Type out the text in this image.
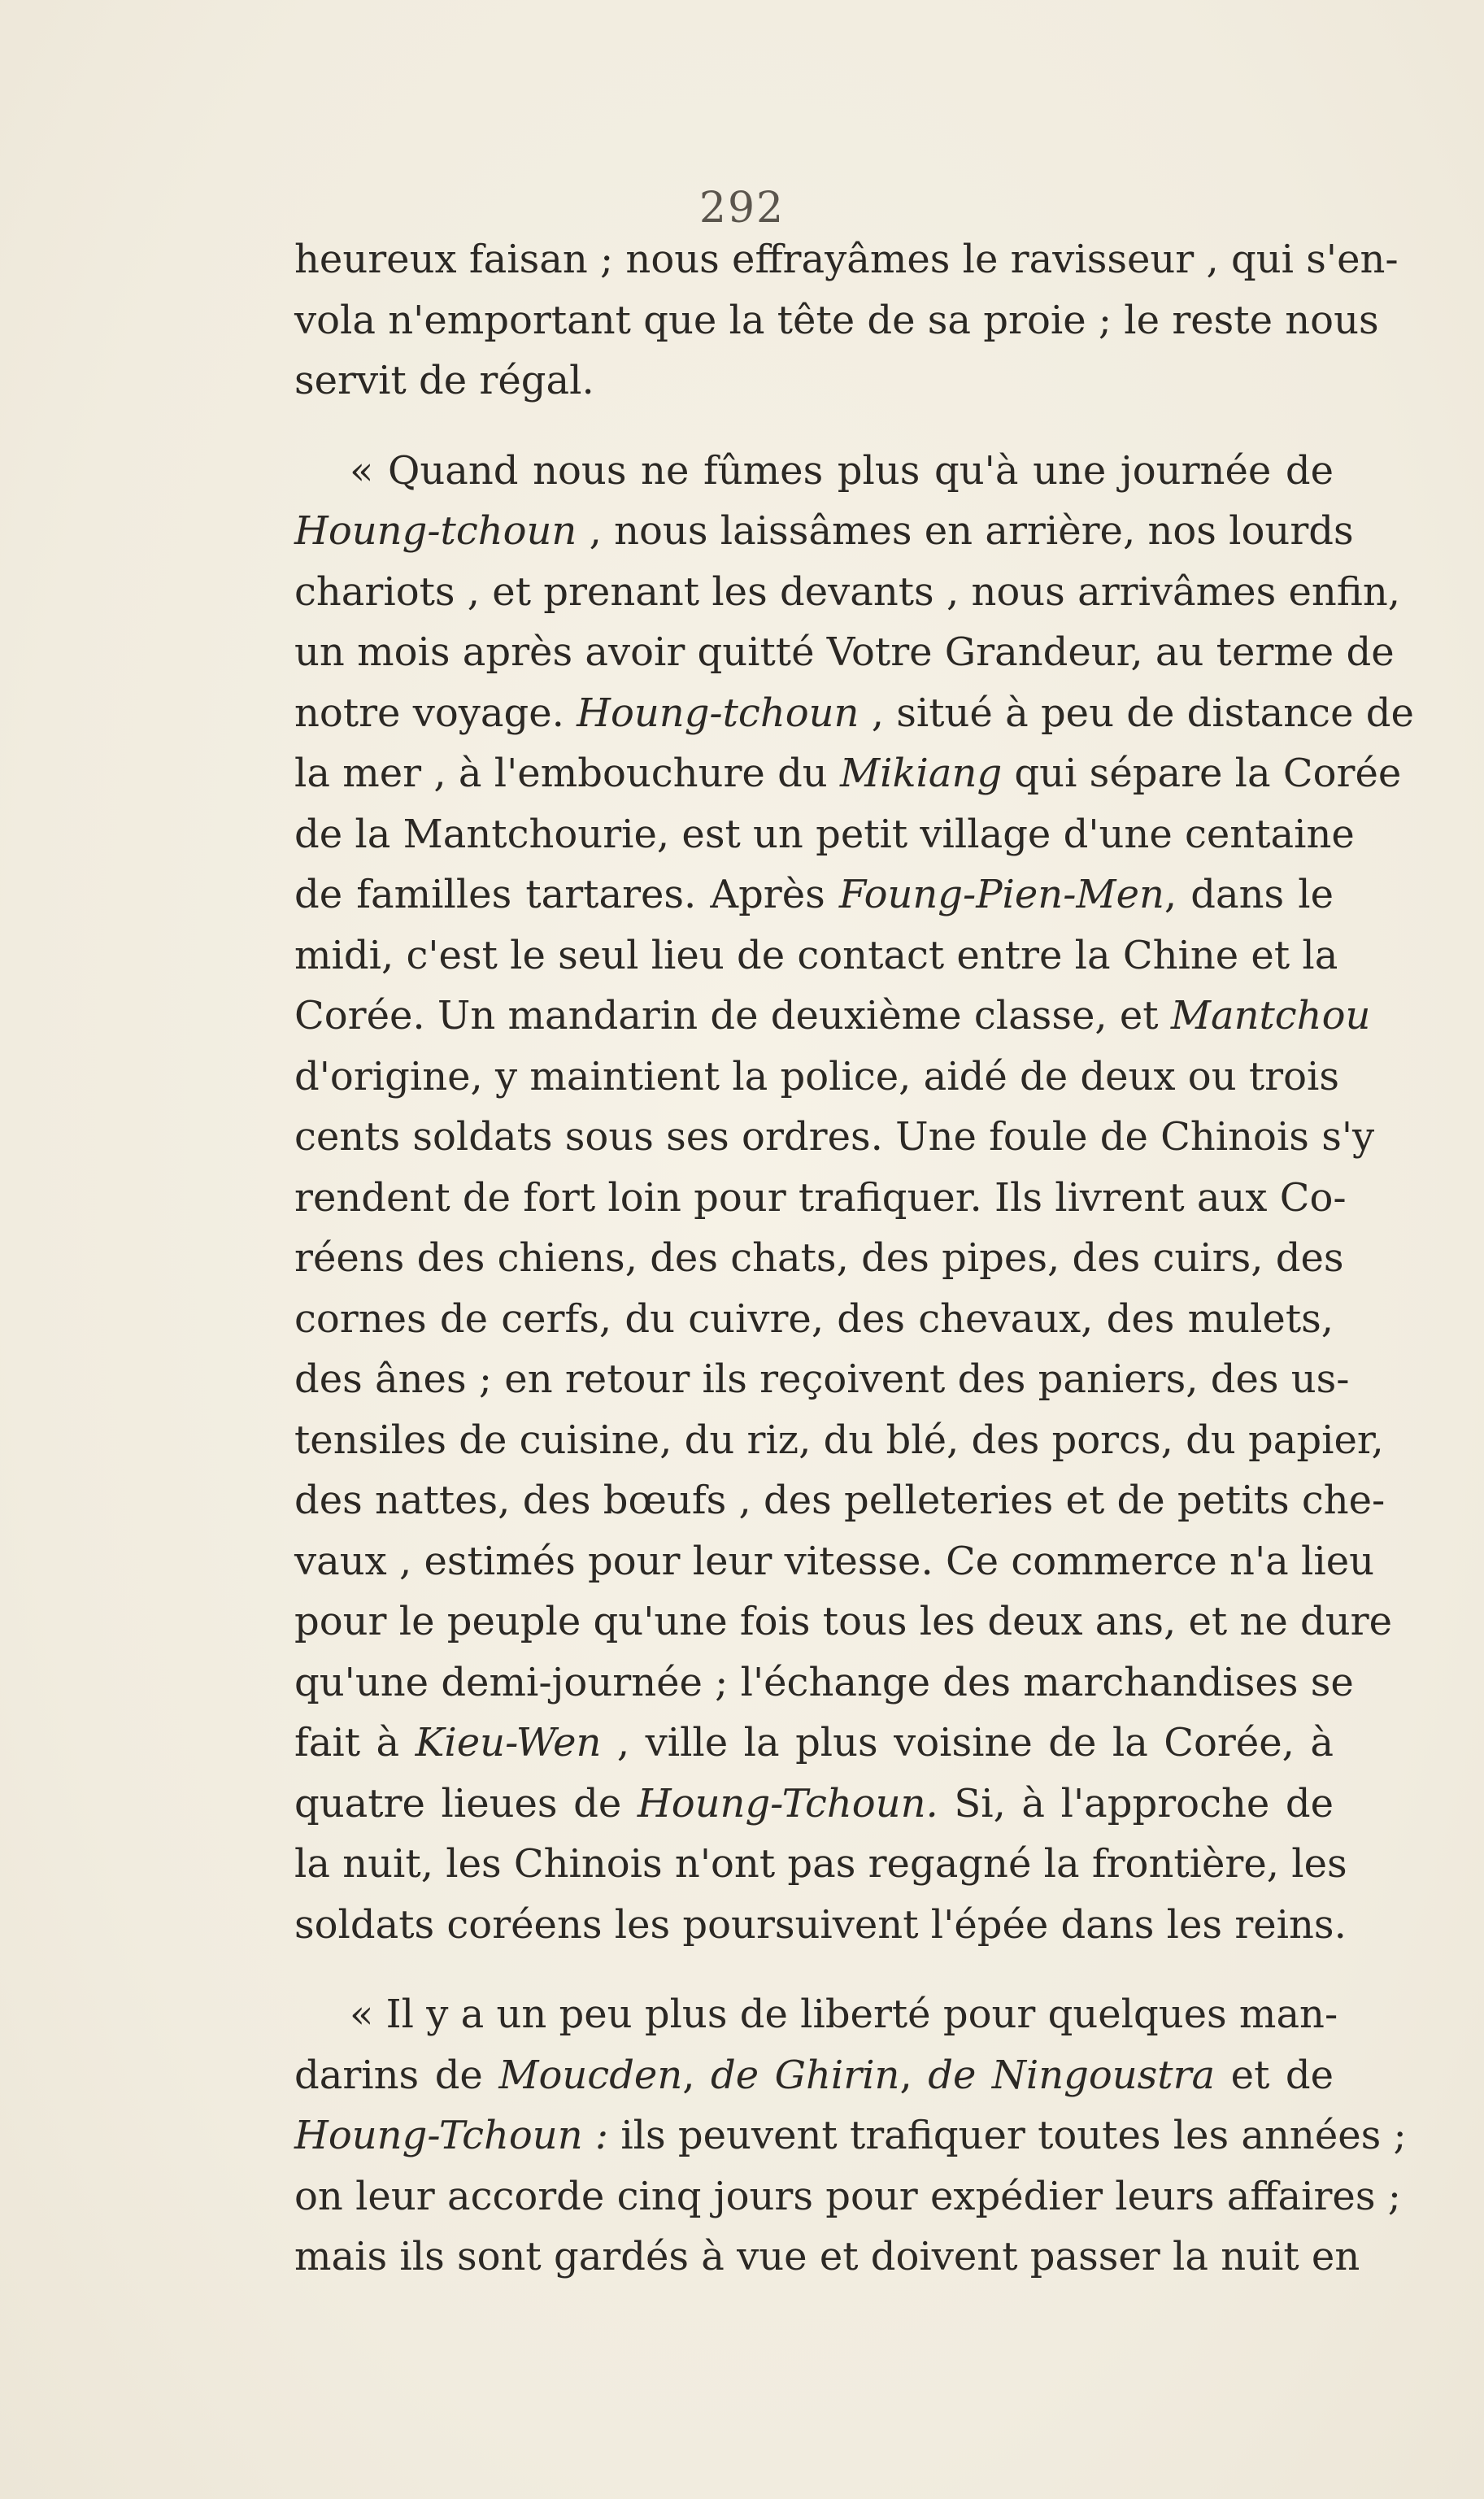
292
heureux faisan ; nous effrayâmes le ravisseur , qui s'en-
vola n'emportant que la tête de sa proie ; le reste nous
servit de régal.
« Quand nous ne fûmes plus qu'à une journée de
Houng-tchoun , nous laissâmes en arrière, nos lourds
chariots , et prenant les devants , nous arrivâmes enfin,
un mois après avoir quitté Votre Grandeur, au terme de
notre voyage. Houng-tchoun , situé à peu de distance de
la mer , à l'embouchure du Mikiang qui sépare la Corée
de la Mantchourie, est un petit village d'une centaine
de familles tartares. Après Foung-Pien-Men, dans le
midi, c'est le seul lieu de contact entre la Chine et la
Corée. Un mandarin de deuxième classe, et Mantchou
d'origine, y maintient la police, aidé de deux ou trois
cents soldats sous ses ordres. Une foule de Chinois s'y
rendent de fort loin pour trafiquer. Ils livrent aux Co-
réens des chiens, des chats, des pipes, des cuirs, des
cornes de cerfs, du cuivre, des chevaux, des mulets,
des ânes ; en retour ils reçoivent des paniers, des us-
tensiles de cuisine, du riz, du blé, des porcs, du papier,
des nattes, des bœufs , des pelleteries et de petits che-
vaux , estimés pour leur vitesse. Ce commerce n'a lieu
pour le peuple qu'une fois tous les deux ans, et ne dure
qu'une demi-journée ; l'échange des marchandises se
fait à Kieu-Wen , ville la plus voisine de la Corée, à
quatre lieues de Houng-Tchoun. Si, à l'approche de
la nuit, les Chinois n'ont pas regagné la frontière, les
soldats coréens les poursuivent l'épée dans les reins.
« Il y a un peu plus de liberté pour quelques man-
darins de Moucden, de Ghirin, de Ningoustra et de
Houng-Tchoun : ils peuvent trafiquer toutes les années ;
on leur accorde cinq jours pour expédier leurs affaires ;
mais ils sont gardés à vue et doivent passer la nuit en
